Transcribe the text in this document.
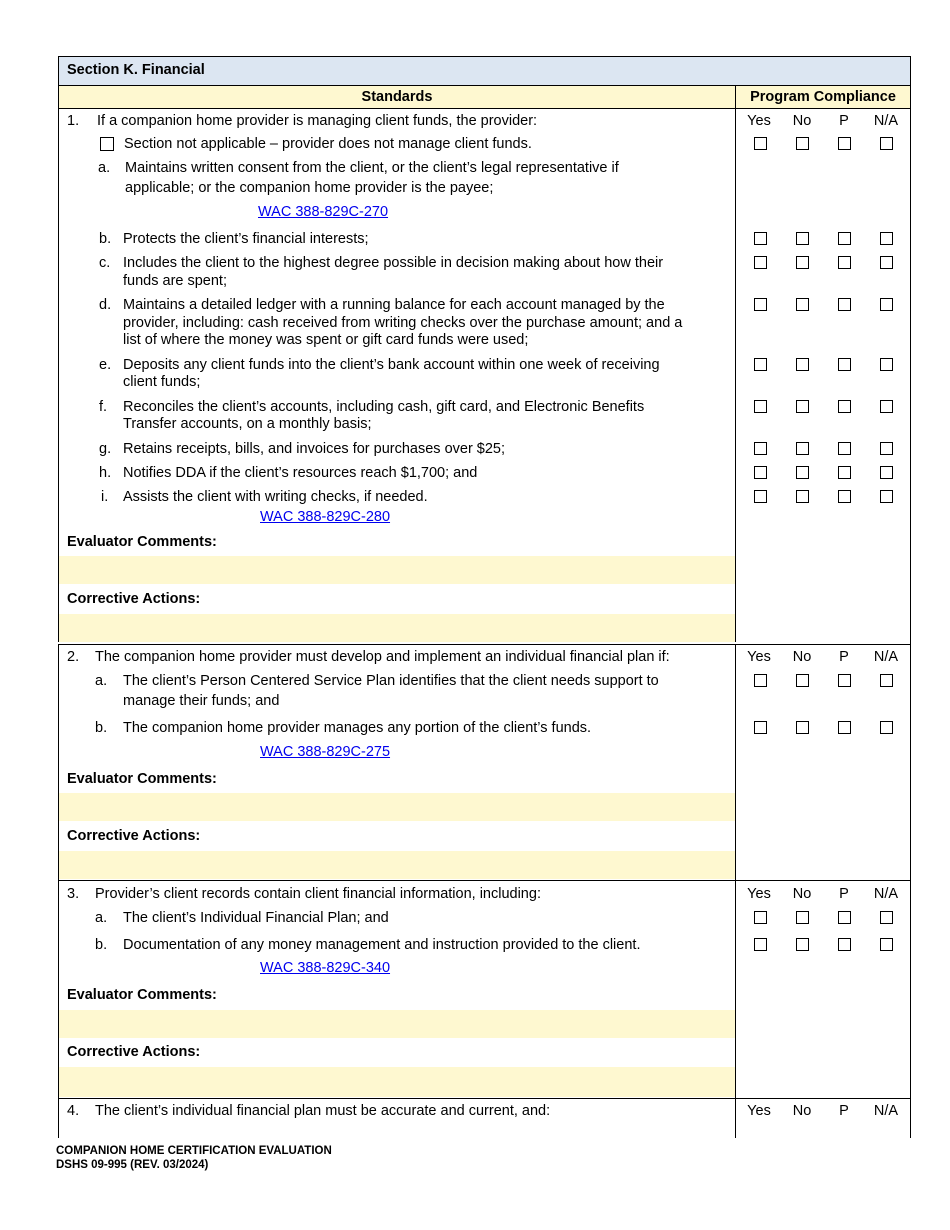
Section K. Financial
Standards	Program Compliance
1. If a companion home provider is managing client funds, the provider:	Yes	No	P	N/A
Section not applicable – provider does not manage client funds.
a. Maintains written consent from the client, or the client’s legal representative if
applicable; or the companion home provider is the payee;
WAC 388-829C-270
b. Protects the client’s financial interests;
c. Includes the client to the highest degree possible in decision making about how their
funds are spent;
d. Maintains a detailed ledger with a running balance for each account managed by the
provider, including: cash received from writing checks over the purchase amount; and a
list of where the money was spent or gift card funds were used;
e. Deposits any client funds into the client’s bank account within one week of receiving
client funds;
f. Reconciles the client’s accounts, including cash, gift card, and Electronic Benefits
Transfer accounts, on a monthly basis;
g. Retains receipts, bills, and invoices for purchases over $25;
h. Notifies DDA if the client’s resources reach $1,700; and
i. Assists the client with writing checks, if needed.
WAC 388-829C-280
Evaluator Comments:
Corrective Actions:
2. The companion home provider must develop and implement an individual financial plan if:	Yes	No	P	N/A
a. The client’s Person Centered Service Plan identifies that the client needs support to
manage their funds; and
b. The companion home provider manages any portion of the client’s funds.
WAC 388-829C-275
Evaluator Comments:
Corrective Actions:
3. Provider’s client records contain client financial information, including:	Yes	No	P	N/A
a. The client’s Individual Financial Plan; and
b. Documentation of any money management and instruction provided to the client.
WAC 388-829C-340
Evaluator Comments:
Corrective Actions:
4. The client’s individual financial plan must be accurate and current, and:	Yes	No	P	N/A
COMPANION HOME CERTIFICATION EVALUATION
DSHS 09-995 (REV. 03/2024)
